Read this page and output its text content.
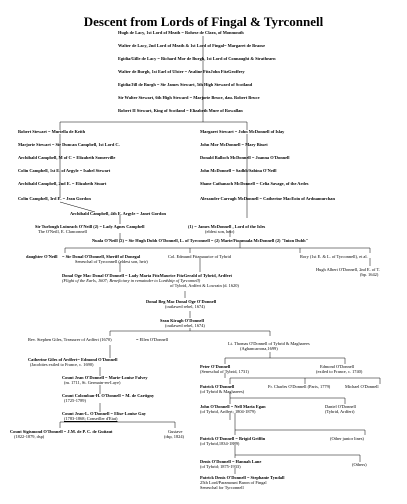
Descent from Lords of Fingal & Tyrconnell
Hugh de Lacy, 1st Lord of Meath = Rohese de Clara, of Monmouth
Walter de Lacy, 2nd Lord of Meath & 1st Lord of Fingal= Margaret de Braose
Egidia/Gille de Lacy = Richard Mor de Burgh, 1st Lord of Connaught & Strathearn
Walter de Burgh, 1st Earl of Ulster = Avaline FitzJohn FitzGeoffrey
Egidia/Jill de Burgh = Sir James Stewart, 5th High Steward of Scotland
Sir Walter Stewart, 6th High Steward = Marjorie Bruce, dau. Robert Bruce
Robert II Stewart, King of Scotland = Elizabeth Mure of Rowallan
Robert Stewart = Muriella de Keith
Marjorie Stewart = Sir Duncan Campbell, 1st Lord C.
Archibald Campbell, M of C = Elizabeth Somerville
Colin Campbell, 1st E. of Argyle = Isabel Stewart
Archibald Campbell, 2nd E. = Elizabeth Stuart
Colin Campbell, 3rd E. = Jean Gordon
Archibald Campbell, 4th E. Argyle = Janet Gordon
Margaret Stewart = John McDonnell of Islay
John Mor McDonnell = Mary Bisset
Donald Balloch McDonnell = Joanna O'Donnell
John McDonnell = Sadhb/Sabina O'Neill
Shane Cathanach McDonnell = Celia Savage, of the Ardes
Alexander Carragh McDonnell = Catherine MacEoin of Ardnamurchan
Sir Turlough Luineach O'Neill (2) = Lady Agnes Campbell
The O'Neill, E. Clanconnell
(1) = James McDonnell , Lord of the Isles
(eldest son, heir)
Nuala O'Neill (2) = Sir Hugh Dubh O'Donnell, L. of Tyrconnell = (2) Marie/Fionnuala McDonnell (2) "Inion Dubh"
daughter O'Neill = Sir Donal O'Donnell, Sheriff of Donegal
Seneschal of Tyrconnell (eldest son, heir)
Col. Edmund Fitzmaurice of Tybrid	Rory (1st E. & L. of Tyrconnell), et al.
Hugh Albert O'Donnell, 2nd E. of T.
(bp. 1642)
Donal Oge Mac Donal O'Donnell = Lady Maria FitzMaurice FitzGerald of Tybrid, Ardfert
(Flight of the Earls, 1607; Beneficiary in remainder to Lordship of Tyrconnell)
of Tybrid, Ardfert & Lowrain (d. 1620)
Donal Beg Mac Donal Oge O'Donnell
(outlawed rebel, 1674)
Sean Kiragh O'Donnell
(outlawed rebel, 1674)
Rev. Stephen Giles, Treasurer of Ardfert (1670)	= Ellen O'Donnell
Catherine Giles of Ardfert= Edmond O'Donnell
(Jacobites exiled to France, c. 1690)
Count Jean O'Donnell = Marie-Louise Falvey
(m. 1711, St. Germain-en-Laye)
Count Colomban-H. O'Donnell = M. de Cartigny
(1725-1789)
Count Jean-L. O'Donnell = Elise-Louise Gay
(1783-1868; Conseiller d'Etat)
Count Sigismond O'Donnell = J.M. de P. C. de Guitaut
(1822-1879, dsp)
Gustave
(dsp, 1824)
Lt. Thomas O'Donnell of Tybrid & Magharees
(Aghancarrona,1699)
Peter O'Donnell
(Seneschal of Tybrid, 1731)
Edmond O'Donnell
(exiled to France, c. 1740)
Patrick O'Donnell
(of Tybrid & Magharees)
Fr. Charles O'Donnell (Paris, 1779)	Michael O'Donnell
John O'Donnell = Nell Maria Egan
(of Tybrid, Ardfert; 1804-1879)
Daniel O'Donnell
(Tybrid, Ardfert)
Patrick O'Donnell = Brigid Griffin
(of Tybrid,1834-1889)
(Other junior lines)
Denis O'Donnell = Hannah Lane
(of Tybrid; 1875-1933)	(Others)
Patrick Denis O'Donnell = Stephanie Tyndall
25th Lord/Paramount Baron of Fingal
Seneschal for Tyrconnell
